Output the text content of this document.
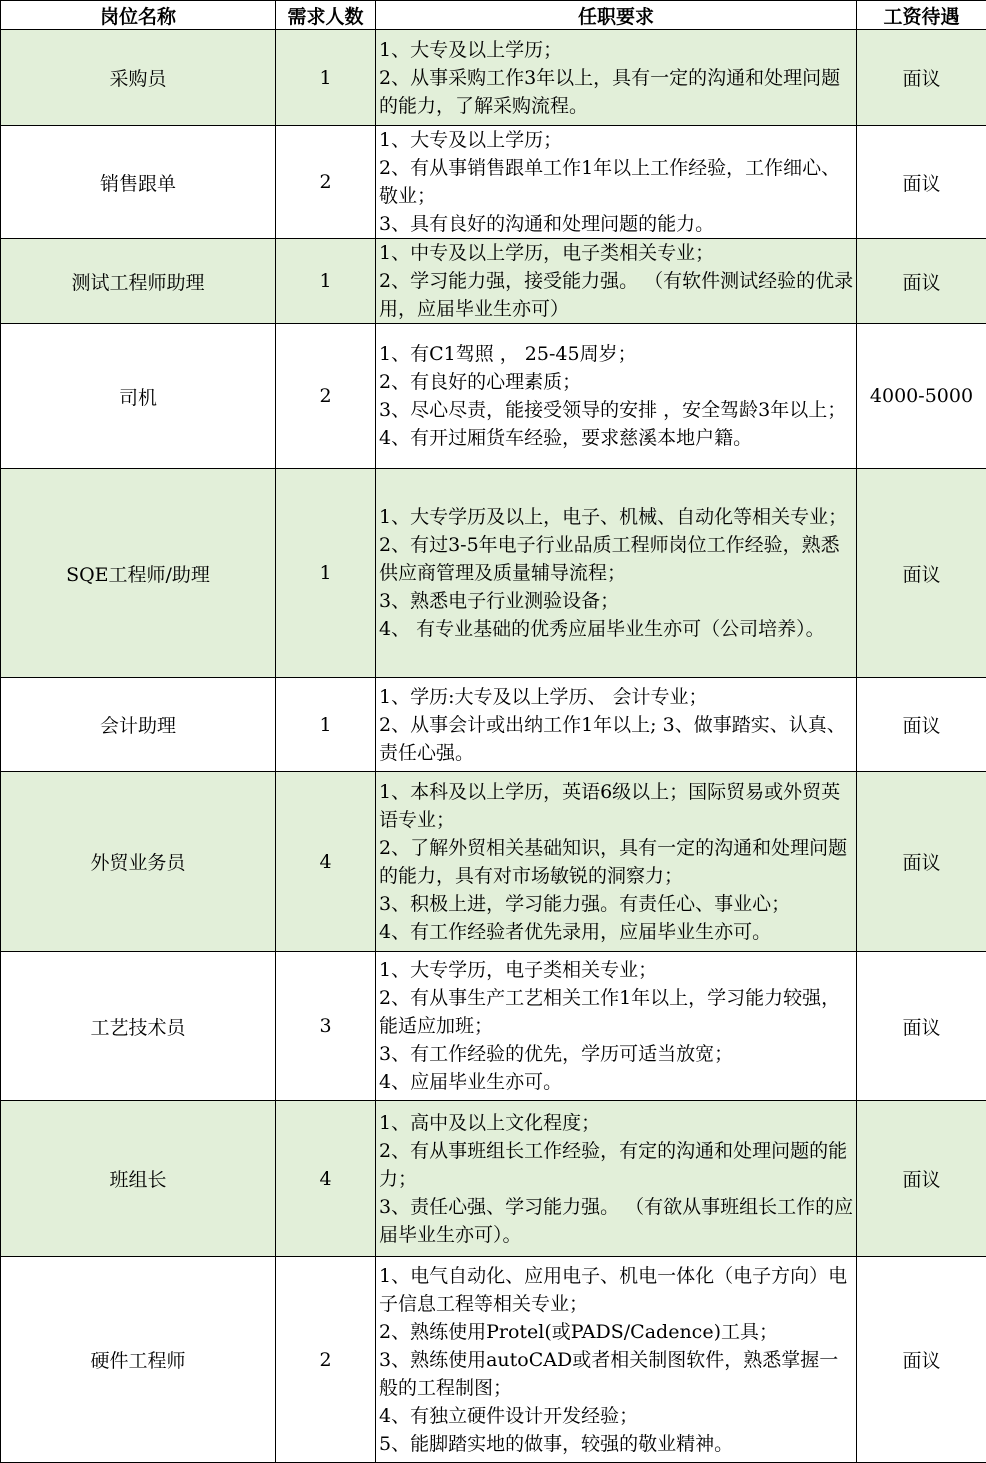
岗位名称	需求人数	任职要求	工资待遇
采购员	1	1、大专及以上学历；
2、从事采购工作3年以上，具有一定的沟通和处理问题的能力，了解采购流程。	面议
销售跟单	2	1、大专及以上学历；
2、有从事销售跟单工作1年以上工作经验，工作细心、敬业；
3、具有良好的沟通和处理问题的能力。	面议
测试工程师助理	1	1、中专及以上学历，电子类相关专业；
2、学习能力强，接受能力强。 （有软件测试经验的优录用，应届毕业生亦可）	面议
司机	2	1、有C1驾照 ， 25-45周岁；
2、有良好的心理素质；
3、尽心尽责，能接受领导的安排 ，安全驾龄3年以上；
4、有开过厢货车经验，要求慈溪本地户籍。	4000-5000
SQE工程师/助理	1	1、大专学历及以上，电子、机械、自动化等相关专业；
2、有过3-5年电子行业品质工程师岗位工作经验，熟悉供应商管理及质量辅导流程；
3、熟悉电子行业测验设备；
4、 有专业基础的优秀应届毕业生亦可（公司培养）。	面议
会计助理	1	1、学历:大专及以上学历、 会计专业；
2、从事会计或出纳工作1年以上; 3、做事踏实、认真、责任心强。	面议
外贸业务员	4	1、本科及以上学历，英语6级以上；国际贸易或外贸英语专业；
2、了解外贸相关基础知识，具有一定的沟通和处理问题的能力，具有对市场敏锐的洞察力；
3、积极上进，学习能力强。有责任心、事业心；
4、有工作经验者优先录用，应届毕业生亦可。	面议
工艺技术员	3	1、大专学历，电子类相关专业；
2、有从事生产工艺相关工作1年以上，学习能力较强，能适应加班；
3、有工作经验的优先，学历可适当放宽；
4、应届毕业生亦可。	面议
班组长	4	1、高中及以上文化程度；
2、有从事班组长工作经验，有定的沟通和处理问题的能力；
3、责任心强、学习能力强。 （有欲从事班组长工作的应届毕业生亦可）。	面议
硬件工程师	2	1、电气自动化、应用电子、机电一体化（电子方向）电子信息工程等相关专业；
2、熟练使用Protel(或PADS/Cadence)工具；
3、熟练使用autoCAD或者相关制图软件，熟悉掌握一般的工程制图；
4、有独立硬件设计开发经验；
5、能脚踏实地的做事，较强的敬业精神。	面议
